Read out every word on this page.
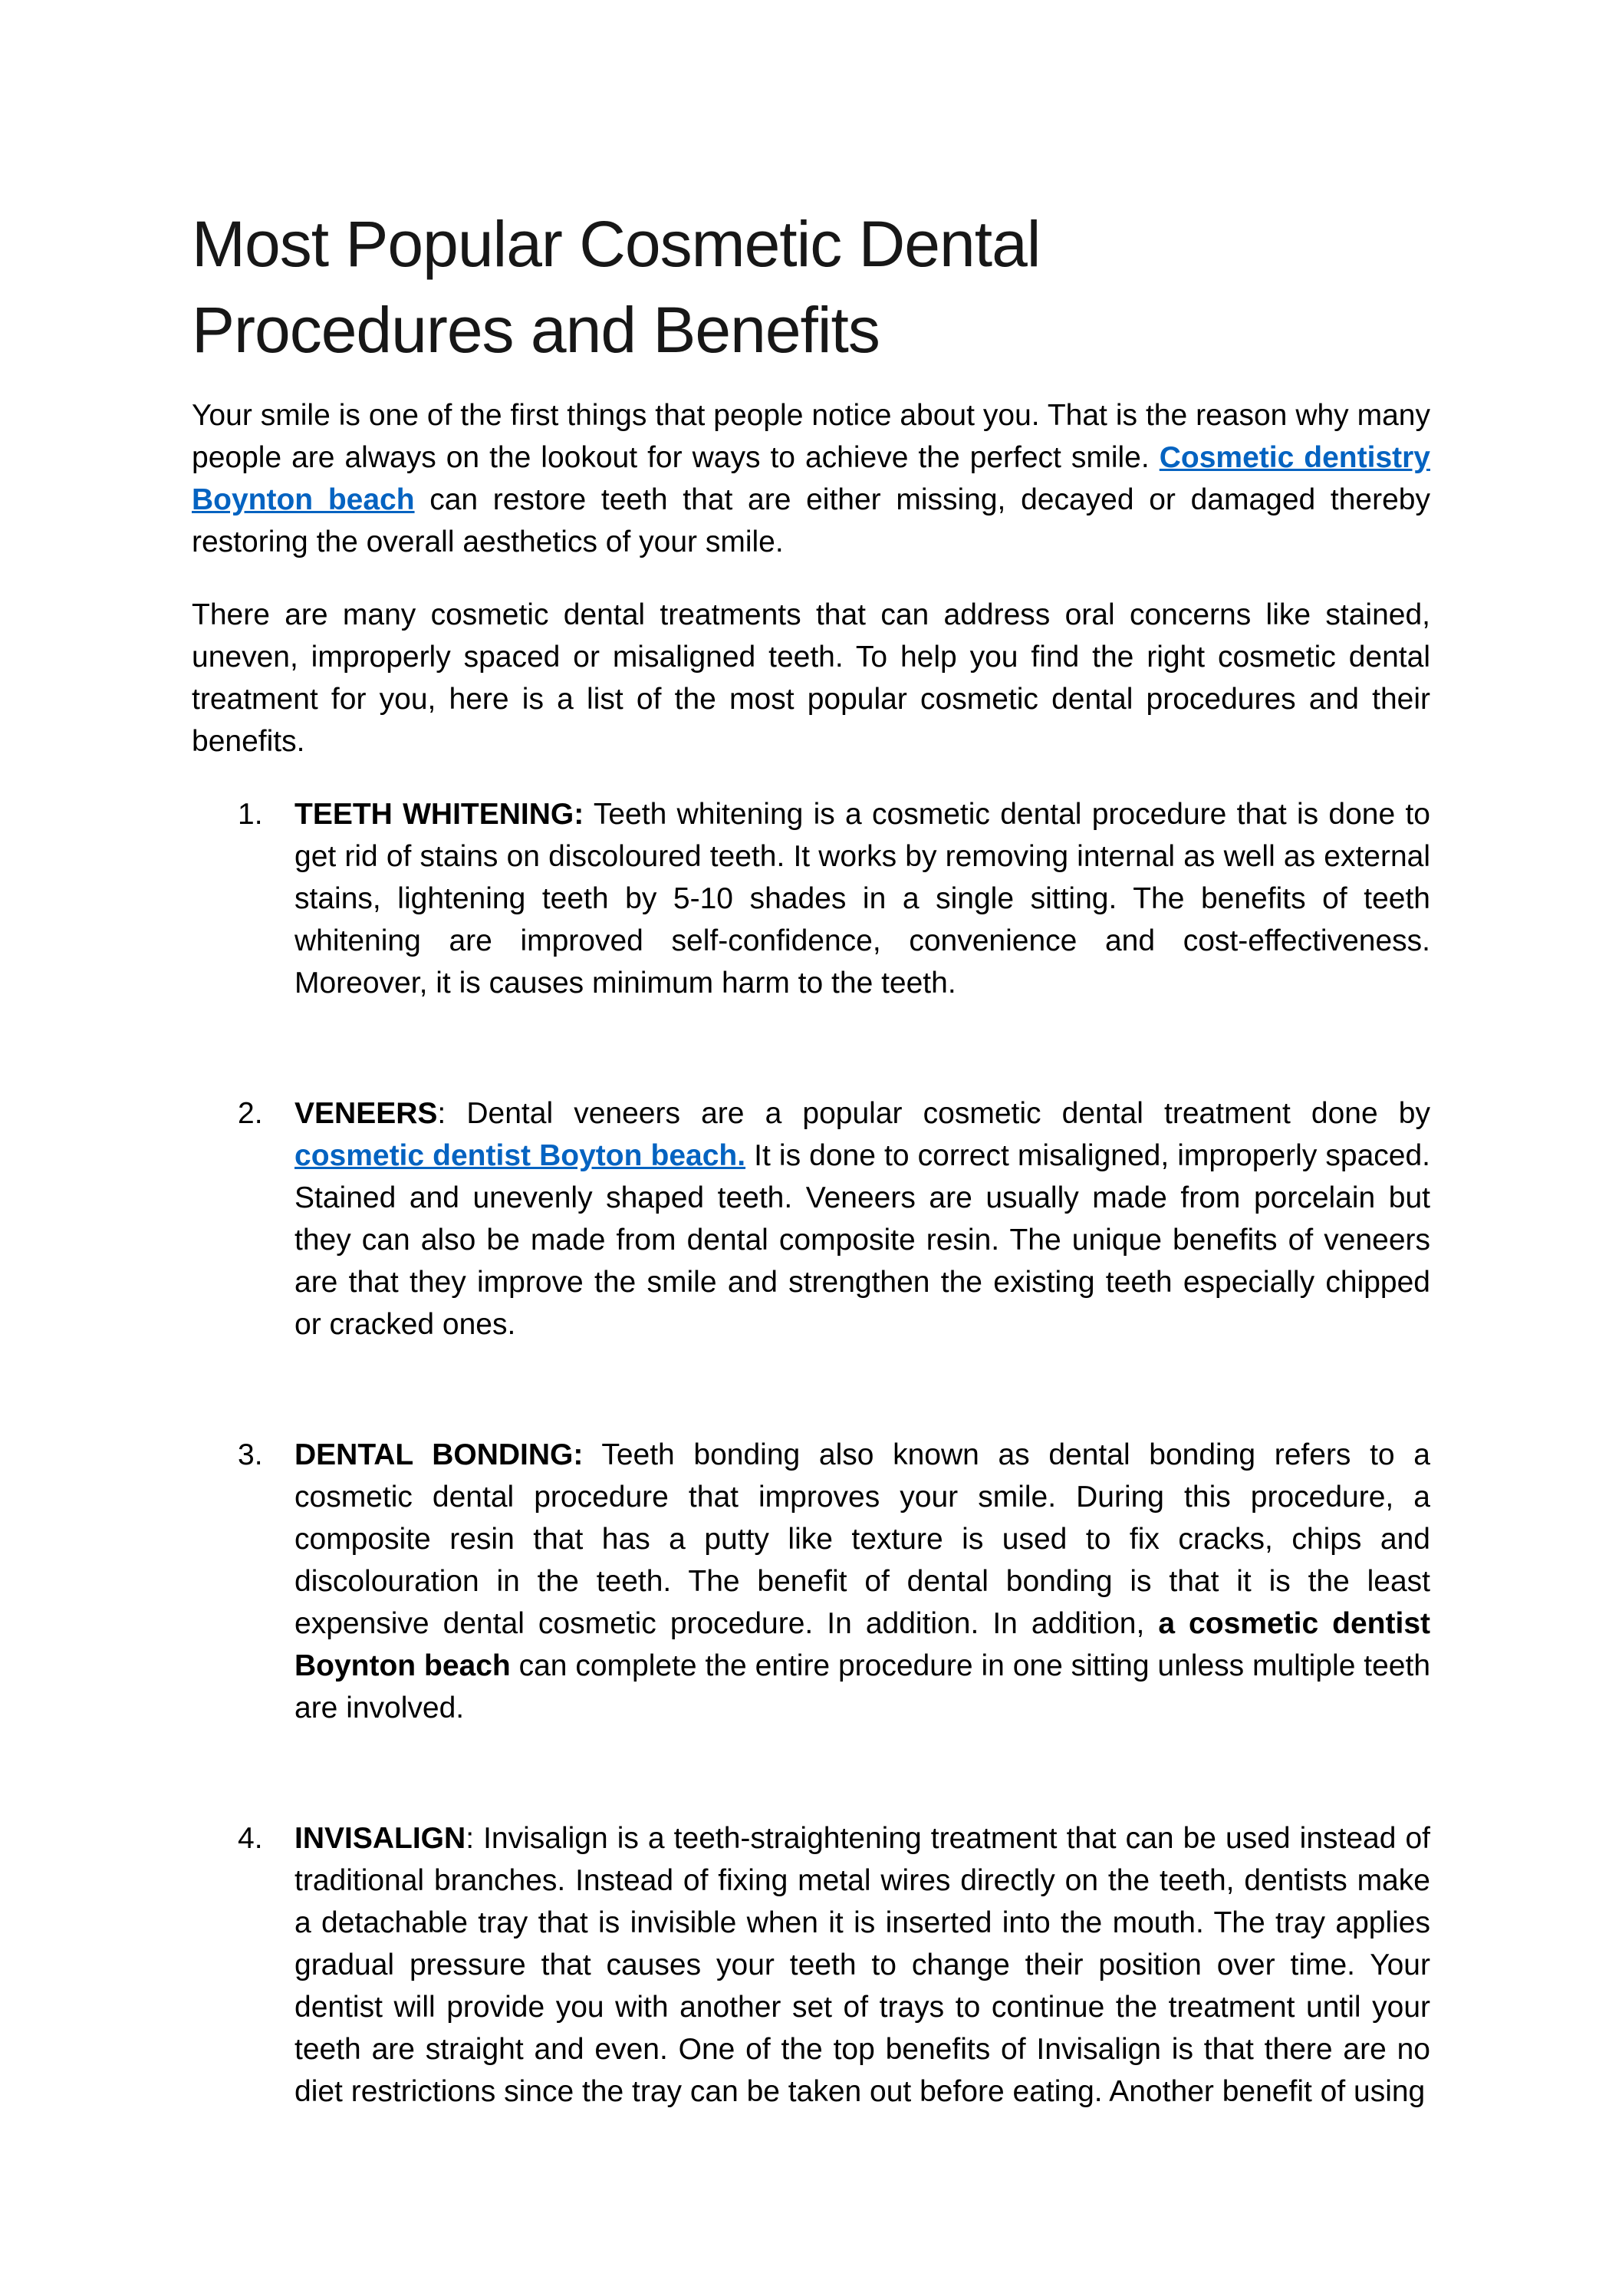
Most Popular Cosmetic Dental
Procedures and Benefits

Your smile is one of the first things that people notice about you. That is the reason why many people are always on the lookout for ways to achieve the perfect smile. Cosmetic dentistry Boynton beach can restore teeth that are either missing, decayed or damaged thereby restoring the overall aesthetics of your smile.

There are many cosmetic dental treatments that can address oral concerns like stained, uneven, improperly spaced or misaligned teeth. To help you find the right cosmetic dental treatment for you, here is a list of the most popular cosmetic dental procedures and their benefits.

1. TEETH WHITENING: Teeth whitening is a cosmetic dental procedure that is done to get rid of stains on discoloured teeth. It works by removing internal as well as external stains, lightening teeth by 5-10 shades in a single sitting. The benefits of teeth whitening are improved self-confidence, convenience and cost-effectiveness. Moreover, it is causes minimum harm to the teeth.

2. VENEERS: Dental veneers are a popular cosmetic dental treatment done by cosmetic dentist Boyton beach. It is done to correct misaligned, improperly spaced. Stained and unevenly shaped teeth. Veneers are usually made from porcelain but they can also be made from dental composite resin. The unique benefits of veneers are that they improve the smile and strengthen the existing teeth especially chipped or cracked ones.

3. DENTAL BONDING: Teeth bonding also known as dental bonding refers to a cosmetic dental procedure that improves your smile. During this procedure, a composite resin that has a putty like texture is used to fix cracks, chips and discolouration in the teeth. The benefit of dental bonding is that it is the least expensive dental cosmetic procedure. In addition. In addition, a cosmetic dentist Boynton beach can complete the entire procedure in one sitting unless multiple teeth are involved.

4. INVISALIGN: Invisalign is a teeth-straightening treatment that can be used instead of traditional branches. Instead of fixing metal wires directly on the teeth, dentists make a detachable tray that is invisible when it is inserted into the mouth. The tray applies gradual pressure that causes your teeth to change their position over time. Your dentist will provide you with another set of trays to continue the treatment until your teeth are straight and even. One of the top benefits of Invisalign is that there are no diet restrictions since the tray can be taken out before eating. Another benefit of using
